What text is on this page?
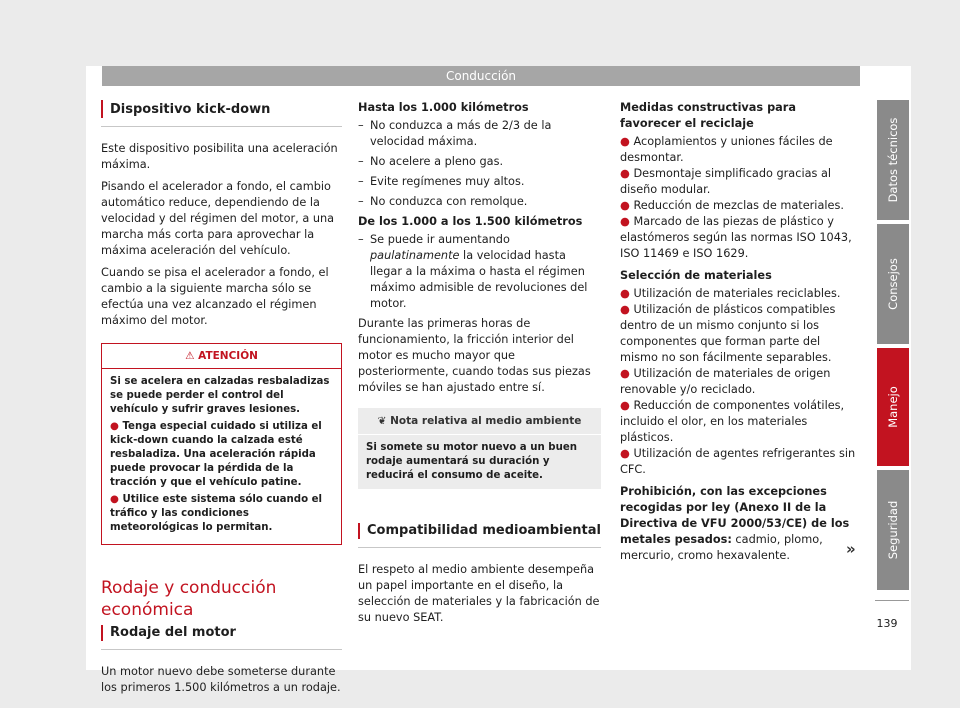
Conducción
Dispositivo kick-down

Este dispositivo posibilita una aceleración máxima.

Pisando el acelerador a fondo, el cambio automático reduce, dependiendo de la velocidad y del régimen del motor, a una marcha más corta para aprovechar la máxima aceleración del vehículo.

Cuando se pisa el acelerador a fondo, el cambio a la siguiente marcha sólo se efectúa una vez alcanzado el régimen máximo del motor.

⚠ ATENCIÓN

Si se acelera en calzadas resbaladizas se puede perder el control del vehículo y sufrir graves lesiones.

● Tenga especial cuidado si utiliza el kick-down cuando la calzada esté resbaladiza. Una aceleración rápida puede provocar la pérdida de la tracción y que el vehículo patine.

● Utilice este sistema sólo cuando el tráfico y las condiciones meteorológicas lo permitan.

Rodaje y conducción económica
Rodaje del motor

Un motor nuevo debe someterse durante los primeros 1.500 kilómetros a un rodaje.

Hasta los 1.000 kilómetros

– No conduzca a más de 2/3 de la velocidad máxima.
– No acelere a pleno gas.
– Evite regímenes muy altos.
– No conduzca con remolque.

De los 1.000 a los 1.500 kilómetros

– Se puede ir aumentando paulatinamente la velocidad hasta llegar a la máxima o hasta el régimen máximo admisible de revoluciones del motor.

Durante las primeras horas de funcionamiento, la fricción interior del motor es mucho mayor que posteriormente, cuando todas sus piezas móviles se han ajustado entre sí.

❦ Nota relativa al medio ambiente
Si somete su motor nuevo a un buen rodaje aumentará su duración y reducirá el consumo de aceite.
Compatibilidad medioambiental

El respeto al medio ambiente desempeña un papel importante en el diseño, la selección de materiales y la fabricación de su nuevo SEAT.

Medidas constructivas para favorecer el reciclaje

● Acoplamientos y uniones fáciles de desmontar.
● Desmontaje simplificado gracias al diseño modular.
● Reducción de mezclas de materiales.
● Marcado de las piezas de plástico y elastómeros según las normas ISO 1043, ISO 11469 e ISO 1629.

Selección de materiales

● Utilización de materiales reciclables.
● Utilización de plásticos compatibles dentro de un mismo conjunto si los componentes que forman parte del mismo no son fácilmente separables.
● Utilización de materiales de origen renovable y/o reciclado.
● Reducción de componentes volátiles, incluido el olor, en los materiales plásticos.
● Utilización de agentes refrigerantes sin CFC.

Prohibición, con las excepciones recogidas por ley (Anexo II de la Directiva de VFU 2000/53/CE) de los metales pesados: cadmio, plomo, mercurio, cromo hexavalente.	»
Datos técnicos
Consejos
Manejo
Seguridad
139
